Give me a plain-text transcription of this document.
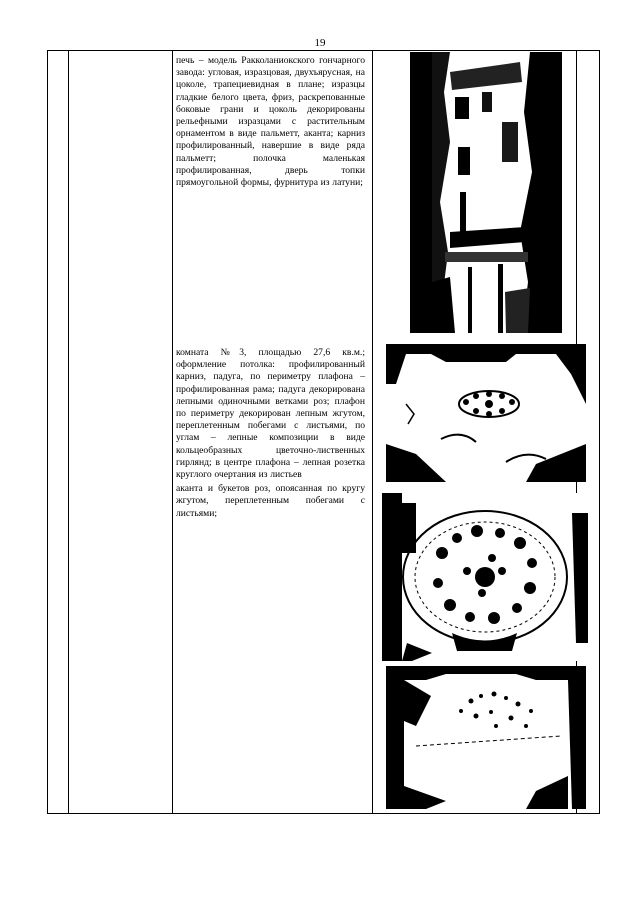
19

печь – модель Ракколаниокского гончарного завода: угловая, изразцовая, двухъярусная, на цоколе, трапециевидная в плане; изразцы гладкие белого цвета, фриз, раскрепованные боковые грани и цоколь декорированы рельефными изразцами с растительным орнаментом в виде пальметт, аканта; карниз профилированный, навершие в виде ряда пальметт; полочка маленькая профилированная, дверь топки прямоугольной формы, фурнитура из латуни;

комната №3, площадью 27,6 кв.м.; оформление потолка: профилированный карниз, падуга, по периметру плафона – профилированная рама; падуга декорирована лепными одиночными ветками роз; плафон по периметру декорирован лепным жгутом, переплетенным побегами с листьями, по углам – лепные композиции в виде кольцеобразных цветочно-лиственных гирлянд; в центре плафона – лепная розетка круглого очертания из листьев

аканта и букетов роз, опоясанная по кругу жгутом, переплетенным побегами с листьями;
